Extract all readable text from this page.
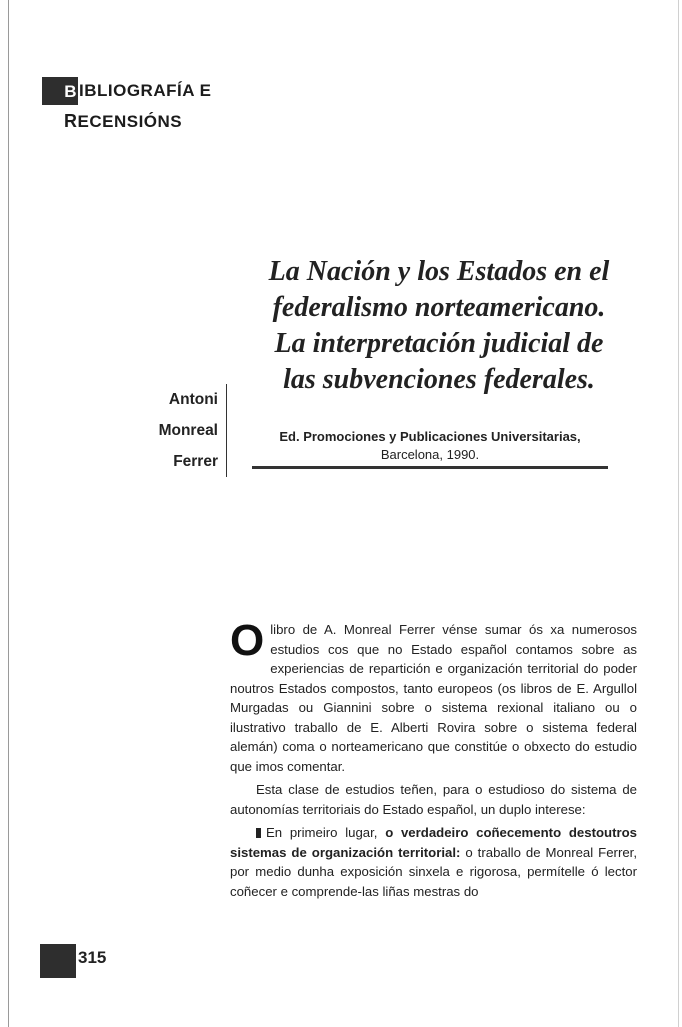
B IBLIOGRAFÍA E
RECENSIÓNS
La Nación y los Estados en el
federalismo norteamericano.
La interpretación judicial de
las subvenciones federales.
Antoni
Monreal
Ferrer
Ed. Promociones y Publicaciones Universitarias,
Barcelona, 1990.

Olibro de A. Monreal Ferrer vénse sumar ós xa numerosos estudios cos que no Estado español contamos sobre as experiencias de repartición e organización territorial do poder noutros Estados compostos, tanto europeos (os libros de E. Argullol Murgadas ou Giannini sobre o sistema rexional italiano ou o ilustrativo traballo de E. Alberti Rovira sobre o sistema federal alemán) coma o norteamericano que constitúe o obxecto do estudio que imos comentar.

Esta clase de estudios teñen, para o estudioso do sistema de autonomías territoriais do Estado español, un duplo interese:

En primeiro lugar, o verdadeiro coñecemento destoutros sistemas de organización territorial: o traballo de Monreal Ferrer, por medio dunha exposición sinxela e rigorosa, permítelle ó lector coñecer e comprende-las liñas mestras do

315
